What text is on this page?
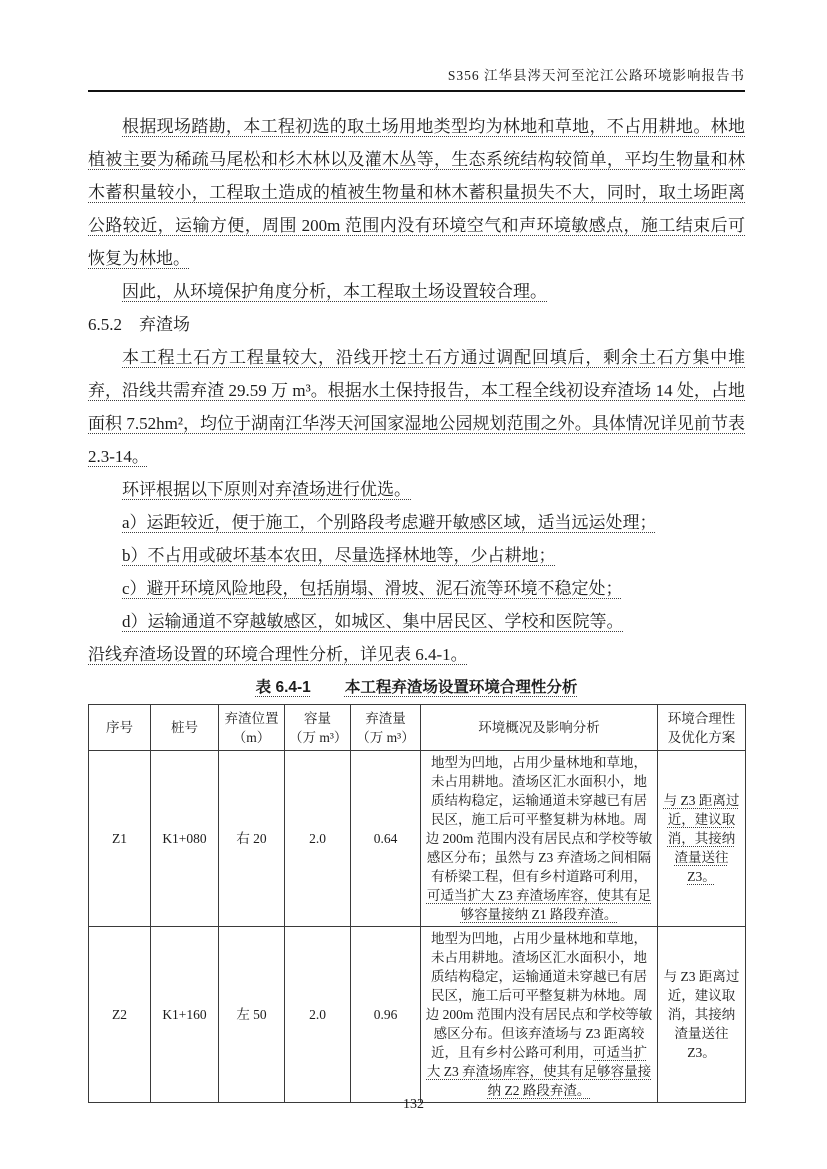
S356 江华县涔天河至沱江公路环境影响报告书

根据现场踏勘，本工程初选的取土场用地类型均为林地和草地，不占用耕地。林地植被主要为稀疏马尾松和杉木林以及灌木丛等，生态系统结构较简单，平均生物量和林木蓄积量较小，工程取土造成的植被生物量和林木蓄积量损失不大，同时，取土场距离公路较近，运输方便，周围 200m 范围内没有环境空气和声环境敏感点，施工结束后可恢复为林地。

因此，从环境保护角度分析，本工程取土场设置较合理。

6.5.2　弃渣场

本工程土石方工程量较大，沿线开挖土石方通过调配回填后，剩余土石方集中堆弃，沿线共需弃渣 29.59 万 m³。根据水土保持报告，本工程全线初设弃渣场 14 处，占地面积 7.52hm²，均位于湖南江华涔天河国家湿地公园规划范围之外。具体情况详见前节表 2.3-14。

环评根据以下原则对弃渣场进行优选。

a）运距较近，便于施工，个别路段考虑避开敏感区域，适当远运处理；

b）不占用或破坏基本农田，尽量选择林地等，少占耕地；

c）避开环境风险地段，包括崩塌、滑坡、泥石流等环境不稳定处；

d）运输通道不穿越敏感区，如城区、集中居民区、学校和医院等。

沿线弃渣场设置的环境合理性分析，详见表 6.4-1。

表 6.4-1 本工程弃渣场设置环境合理性分析
序号	桩号	弃渣位置（m）	容量 （万 m³）	弃渣量 （万 m³）	环境概况及影响分析	环境合理性及优化方案
Z1	K1+080	右 20	2.0	0.64	地型为凹地，占用少量林地和草地，未占用耕地。渣场区汇水面积小，地质结构稳定，运输通道未穿越已有居民区，施工后可平整复耕为林地。周边 200m 范围内没有居民点和学校等敏感区分布；虽然与 Z3 弃渣场之间相隔有桥梁工程，但有乡村道路可利用，可适当扩大 Z3 弃渣场库容，使其有足够容量接纳 Z1 路段弃渣。	与 Z3 距离过近，建议取消，其接纳渣量送往 Z3。
Z2	K1+160	左 50	2.0	0.96	地型为凹地，占用少量林地和草地，未占用耕地。渣场区汇水面积小，地质结构稳定，运输通道未穿越已有居民区，施工后可平整复耕为林地。周边 200m 范围内没有居民点和学校等敏感区分布。但该弃渣场与 Z3 距离较近，且有乡村公路可利用，可适当扩大 Z3 弃渣场库容，使其有足够容量接纳 Z2 路段弃渣。	与 Z3 距离过近，建议取消，其接纳渣量送往 Z3。
132
